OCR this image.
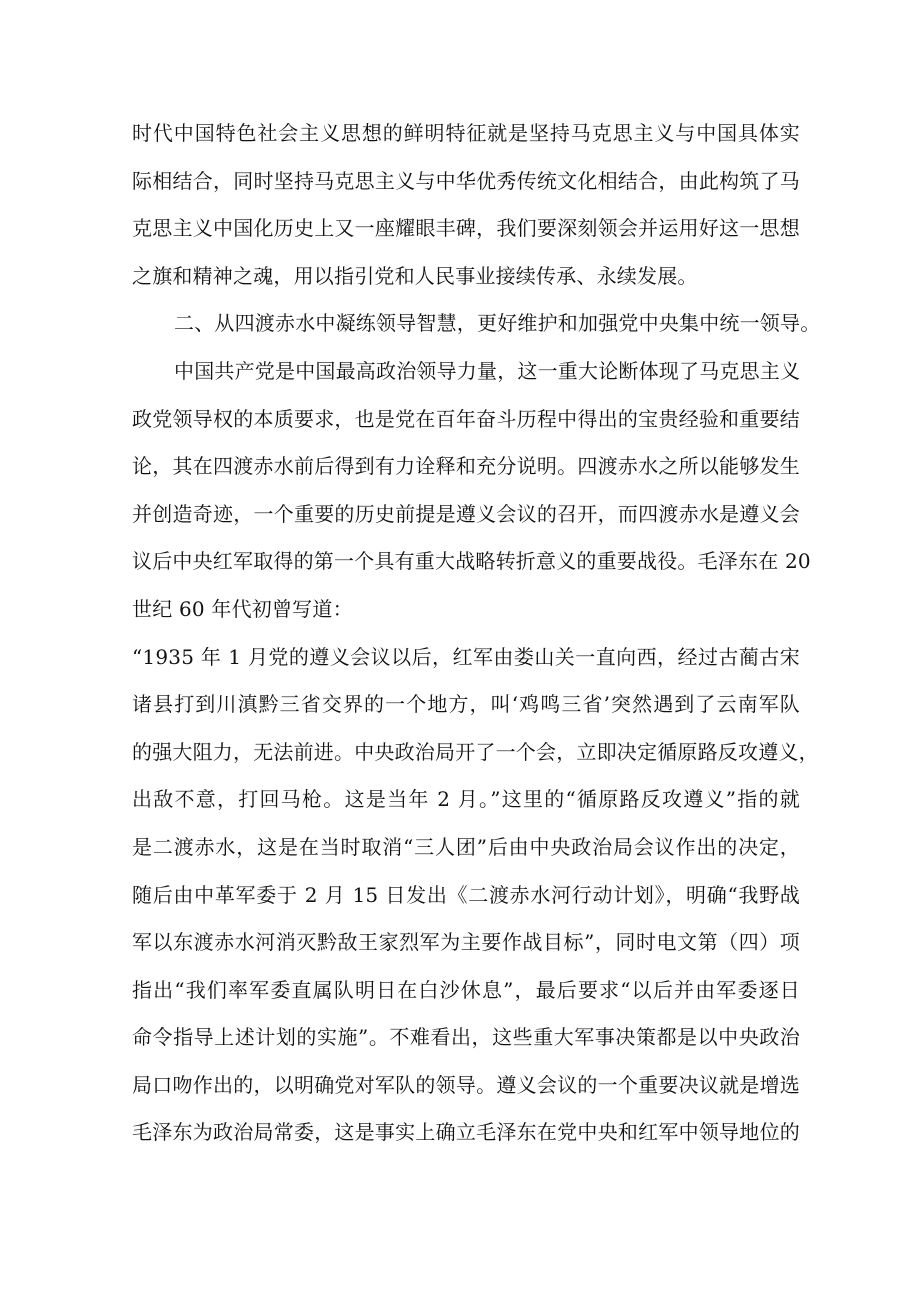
时代中国特色社会主义思想的鲜明特征就是坚持马克思主义与中国具体实
际相结合，同时坚持马克思主义与中华优秀传统文化相结合，由此构筑了马
克思主义中国化历史上又一座耀眼丰碑，我们要深刻领会并运用好这一思想
之旗和精神之魂，用以指引党和人民事业接续传承、永续发展。
二、从四渡赤水中凝练领导智慧，更好维护和加强党中央集中统一领导。
中国共产党是中国最高政治领导力量，这一重大论断体现了马克思主义
政党领导权的本质要求，也是党在百年奋斗历程中得出的宝贵经验和重要结
论，其在四渡赤水前后得到有力诠释和充分说明。四渡赤水之所以能够发生
并创造奇迹，一个重要的历史前提是遵义会议的召开，而四渡赤水是遵义会
议后中央红军取得的第一个具有重大战略转折意义的重要战役。毛泽东在 20
世纪 60 年代初曾写道：
“1935 年 1 月党的遵义会议以后，红军由娄山关一直向西，经过古蔺古宋
诸县打到川滇黔三省交界的一个地方，叫‘鸡鸣三省’突然遇到了云南军队
的强大阻力，无法前进。中央政治局开了一个会，立即决定循原路反攻遵义，
出敌不意，打回马枪。这是当年 2 月。”这里的“循原路反攻遵义”指的就
是二渡赤水，这是在当时取消“三人团”后由中央政治局会议作出的决定，
随后由中革军委于 2 月 15 日发出《二渡赤水河行动计划》，明确“我野战
军以东渡赤水河消灭黔敌王家烈军为主要作战目标”，同时电文第（四）项
指出“我们率军委直属队明日在白沙休息”，最后要求“以后并由军委逐日
命令指导上述计划的实施”。不难看出，这些重大军事决策都是以中央政治
局口吻作出的，以明确党对军队的领导。遵义会议的一个重要决议就是增选
毛泽东为政治局常委，这是事实上确立毛泽东在党中央和红军中领导地位的
